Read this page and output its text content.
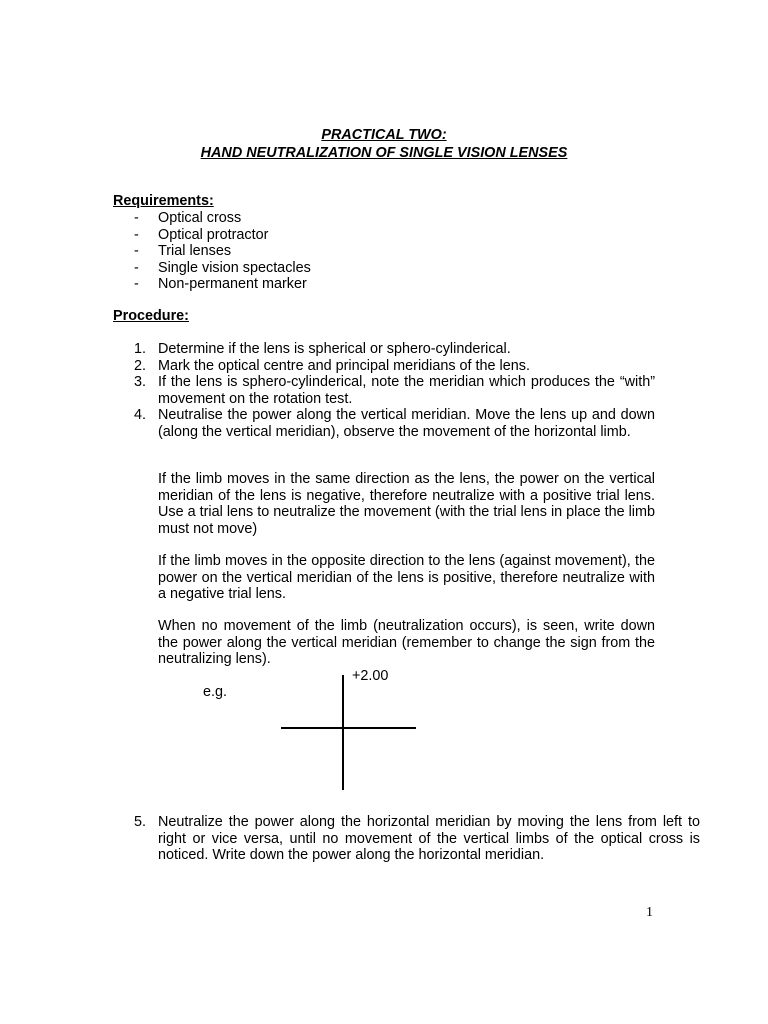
PRACTICAL TWO:
HAND NEUTRALIZATION OF SINGLE VISION LENSES
Requirements:
- Optical cross
- Optical protractor
- Trial lenses
- Single vision spectacles
- Non-permanent marker
Procedure:
1. Determine if the lens is spherical or sphero-cylinderical.

2. Mark the optical centre and principal meridians of the lens.

3. If the lens is sphero-cylinderical, note the meridian which produces the “with” movement on the rotation test.

4. Neutralise the power along the vertical meridian. Move the lens up and down (along the vertical meridian), observe the movement of the horizontal limb.

If the limb moves in the same direction as the lens, the power on the vertical meridian of the lens is negative, therefore neutralize with a positive trial lens. Use a trial lens to neutralize the movement (with the trial lens in place the limb must not move)

If the limb moves in the opposite direction to the lens (against movement), the power on the vertical meridian of the lens is positive, therefore neutralize with a negative trial lens.

When no movement of the limb (neutralization occurs), is seen, write down the power along the vertical meridian (remember to change the sign from the neutralizing lens).

e.g.
+2.00
5. Neutralize the power along the horizontal meridian by moving the lens from left to right or vice versa, until no movement of the vertical limbs of the optical cross is noticed. Write down the power along the horizontal meridian.

1
